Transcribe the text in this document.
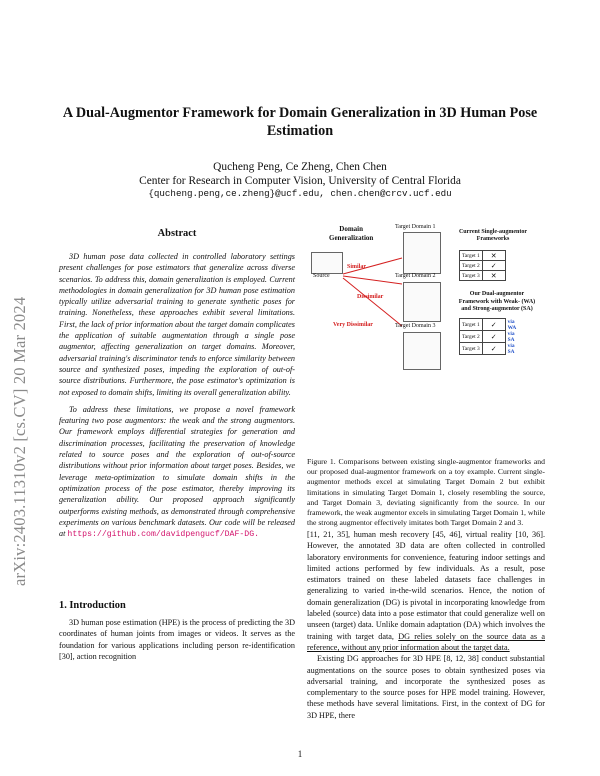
arXiv:2403.11310v2 [cs.CV] 20 Mar 2024
A Dual-Augmentor Framework for Domain Generalization in 3D Human Pose Estimation
Qucheng Peng, Ce Zheng, Chen Chen
Center for Research in Computer Vision, University of Central Florida
{qucheng.peng,ce.zheng}@ucf.edu, chen.chen@crcv.ucf.edu
Abstract

3D human pose data collected in controlled laboratory settings present challenges for pose estimators that generalize across diverse scenarios. To address this, domain generalization is employed. Current methodologies in domain generalization for 3D human pose estimation typically utilize adversarial training to generate synthetic poses for training. Nonetheless, these approaches exhibit several limitations. First, the lack of prior information about the target domain complicates the application of suitable augmentation through a single pose augmentor, affecting generalization on target domains. Moreover, adversarial training's discriminator tends to enforce similarity between source and synthesized poses, impeding the exploration of out-of-source distributions. Furthermore, the pose estimator's optimization is not exposed to domain shifts, limiting its overall generalization ability.

To address these limitations, we propose a novel framework featuring two pose augmentors: the weak and the strong augmentors. Our framework employs differential strategies for generation and discrimination processes, facilitating the preservation of knowledge related to source poses and the exploration of out-of-source distributions without prior information about target poses. Besides, we leverage meta-optimization to simulate domain shifts in the optimization process of the pose estimator, thereby improving its generalization ability. Our proposed approach significantly outperforms existing methods, as demonstrated through comprehensive experiments on various benchmark datasets. Our code will be released at https://github.com/davidpengucf/DAF-DG.

1. Introduction

3D human pose estimation (HPE) is the process of predicting the 3D coordinates of human joints from images or videos. It serves as the foundation for various applications including person re-identification [30], action recognition

Domain
Generalization
Source
Similar
Dissimilar
Very Dissimilar
Target Domain 1
Target Domain 2
Target Domain 3
Current Single-augmentor Frameworks
Target 1	✕
Target 2	✓
Target 3	✕
Our Dual-augmentor
Framework with Weak- (WA)
and Strong-augmentor (SA)
Target 1	✓	via WA
Target 2	✓	via SA
Target 3	✓	via SA
Figure 1. Comparisons between existing single-augmentor frameworks and our proposed dual-augmentor framework on a toy example. Current single-augmentor methods excel at simulating Target Domain 2 but exhibit limitations in simulating Target Domain 1, closely resembling the source, and Target Domain 3, deviating significantly from the source. In our framework, the weak augmentor excels in simulating Target Domain 1, while the strong augmentor effectively imitates both Target Domain 2 and 3.

[11, 21, 35], human mesh recovery [45, 46], virtual reality [10, 36]. However, the annotated 3D data are often collected in controlled laboratory environments for convenience, featuring indoor settings and limited actions performed by few individuals. As a result, pose estimators trained on these labeled datasets face challenges in generalizing to varied in-the-wild scenarios. Hence, the notion of domain generalization (DG) is pivotal in incorporating knowledge from labeled (source) data into a pose estimator that could generalize well on unseen (target) data. Unlike domain adaptation (DA) which involves the training with target data, DG relies solely on the source data as a reference, without any prior information about the target data.

Existing DG approaches for 3D HPE [8, 12, 38] conduct substantial augmentations on the source poses to obtain synthesized poses via adversarial training, and incorporate the synthesized poses as complementary to the source poses for HPE model training. However, these methods have several limitations. First, in the context of DG for 3D HPE, there

1
